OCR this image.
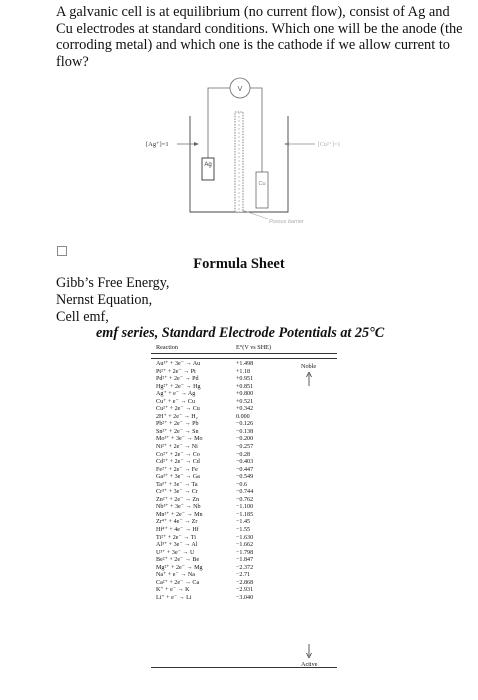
A galvanic cell is at equilibrium (no current flow), consist of Ag and Cu electrodes at standard conditions. Which one will be the anode (the corroding metal) and which one is the cathode if we allow current to flow?

V
Ag
Cu
[Ag⁺]=1	[Cu²⁺]=1
Porous barrier
Formula Sheet
Gibb’s Free Energy,
Nernst Equation,
Cell emf,
emf series, Standard Electrode Potentials at 25°C
Reaction	E°(V vs SHE)
Au³⁺ + 3e⁻ → Au	+1.498
Pt²⁺ + 2e⁻ → Pt	+1.18
Pd²⁺ + 2e⁻ → Pd	+0.951
Hg²⁺ + 2e⁻ → Hg	+0.851
Ag⁺ + e⁻ → Ag	+0.800
Cu⁺ + e⁻ → Cu	+0.521
Cu²⁺ + 2e⁻ → Cu	+0.342
2H⁺ + 2e⁻ → H₂	0.000
Pb²⁺ + 2e⁻ → Pb	−0.126
Sn²⁺ + 2e⁻ → Sn	−0.138
Mo³⁺ + 3e⁻ → Mo	−0.200
Ni²⁺ + 2e⁻ → Ni	−0.257
Co²⁺ + 2e⁻ → Co	−0.28
Cd²⁺ + 2e⁻ → Cd	−0.403
Fe²⁺ + 2e⁻ → Fe	−0.447
Ga³⁺ + 3e⁻ → Ga	−0.549
Ta³⁺ + 3e⁻ → Ta	−0.6
Cr³⁺ + 3e⁻ → Cr	−0.744
Zn²⁺ + 2e⁻ → Zn	−0.762
Nb³⁺ + 3e⁻ → Nb	−1.100
Mn²⁺ + 2e⁻ → Mn	−1.185
Zr⁴⁺ + 4e⁻ → Zr	−1.45
Hf⁴⁺ + 4e⁻ → Hf	−1.55
Ti²⁺ + 2e⁻ → Ti	−1.630
Al³⁺ + 3e⁻ → Al	−1.662
U³⁺ + 3e⁻ → U	−1.798
Be²⁺ + 2e⁻ → Be	−1.847
Mg²⁺ + 2e⁻ → Mg	−2.372
Na⁺ + e⁻ → Na	−2.71
Ca²⁺ + 2e⁻ → Ca	−2.868
K⁺ + e⁻ → K	−2.931
Li⁺ + e⁻ → Li	−3.040
Noble
Active
